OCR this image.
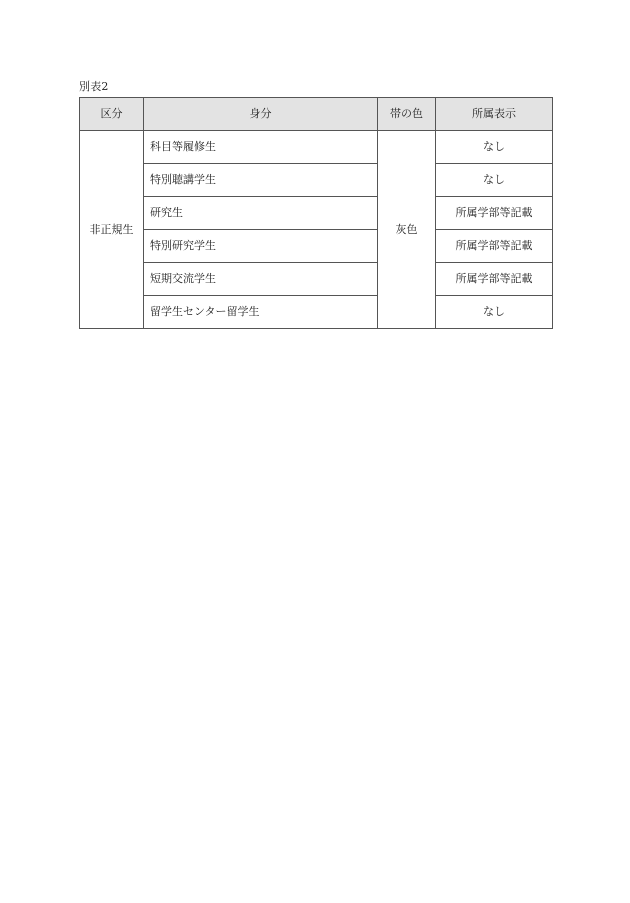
別表2
区分	身分	帯の色	所属表示
非正規生	科目等履修生	灰色	なし
	特別聴講学生		なし
	研究生		所属学部等記載
	特別研究学生		所属学部等記載
	短期交流学生		所属学部等記載
	留学生センター留学生		なし
